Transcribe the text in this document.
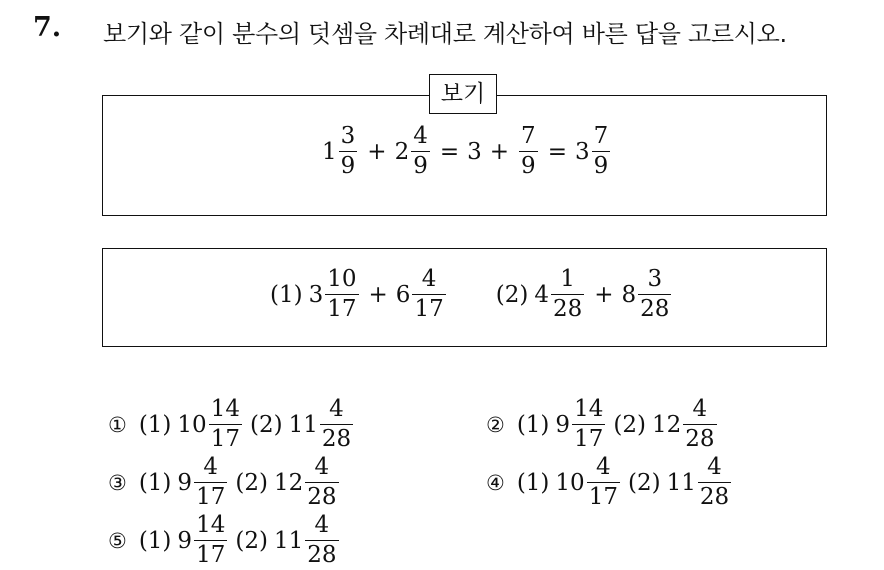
7. 보기와 같이 분수의 덧셈을 차례대로 계산하여 바른 답을 고르시오.
보기
$1 \frac{3}{9} + 2 \frac{4}{9} = 3 + \frac{7}{9} = 3 \frac{7}{9}$
(1) $3 \frac{10}{17} + 6 \frac{4}{17} (2)$ $4 \frac{1}{28} + 8 \frac{3}{28}$
① (1) $10 \frac{14}{17} (2)$ $11 \frac{4}{28}$	② (1) $9 \frac{14}{17} (2)$ $12 \frac{4}{28}$
③ (1) $9 \frac{4}{17} (2)$ $12 \frac{4}{28}$	④ (1) $10 \frac{4}{17} (2)$ $11 \frac{4}{28}$
⑤ (1) $9 \frac{14}{17} (2)$ $11 \frac{4}{28}$
